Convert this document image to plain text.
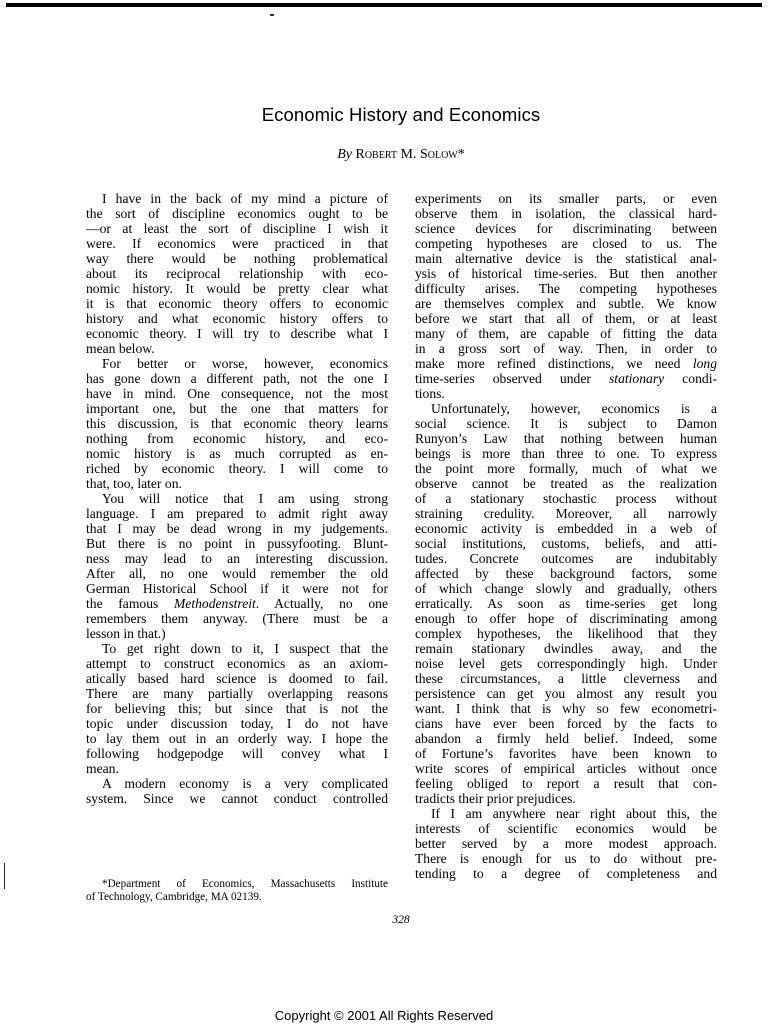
Economic History and Economics
By Robert M. Solow*
I have in the back of my mind a picture of
the sort of discipline economics ought to be
—or at least the sort of discipline I wish it
were. If economics were practiced in that
way there would be nothing problematical
about its reciprocal relationship with eco-
nomic history. It would be pretty clear what
it is that economic theory offers to economic
history and what economic history offers to
economic theory. I will try to describe what I
mean below.
For better or worse, however, economics
has gone down a different path, not the one I
have in mind. One consequence, not the most
important one, but the one that matters for
this discussion, is that economic theory learns
nothing from economic history, and eco-
nomic history is as much corrupted as en-
riched by economic theory. I will come to
that, too, later on.
You will notice that I am using strong
language. I am prepared to admit right away
that I may be dead wrong in my judgements.
But there is no point in pussyfooting. Blunt-
ness may lead to an interesting discussion.
After all, no one would remember the old
German Historical School if it were not for
the famous Methodenstreit. Actually, no one
remembers them anyway. (There must be a
lesson in that.)
To get right down to it, I suspect that the
attempt to construct economics as an axiom-
atically based hard science is doomed to fail.
There are many partially overlapping reasons
for believing this; but since that is not the
topic under discussion today, I do not have
to lay them out in an orderly way. I hope the
following hodgepodge will convey what I
mean.
A modern economy is a very complicated
system. Since we cannot conduct controlled
experiments on its smaller parts, or even
observe them in isolation, the classical hard-
science devices for discriminating between
competing hypotheses are closed to us. The
main alternative device is the statistical anal-
ysis of historical time-series. But then another
difficulty arises. The competing hypotheses
are themselves complex and subtle. We know
before we start that all of them, or at least
many of them, are capable of fitting the data
in a gross sort of way. Then, in order to
make more refined distinctions, we need long
time-series observed under stationary condi-
tions.
Unfortunately, however, economics is a
social science. It is subject to Damon
Runyon’s Law that nothing between human
beings is more than three to one. To express
the point more formally, much of what we
observe cannot be treated as the realization
of a stationary stochastic process without
straining credulity. Moreover, all narrowly
economic activity is embedded in a web of
social institutions, customs, beliefs, and atti-
tudes. Concrete outcomes are indubitably
affected by these background factors, some
of which change slowly and gradually, others
erratically. As soon as time-series get long
enough to offer hope of discriminating among
complex hypotheses, the likelihood that they
remain stationary dwindles away, and the
noise level gets correspondingly high. Under
these circumstances, a little cleverness and
persistence can get you almost any result you
want. I think that is why so few econometri-
cians have ever been forced by the facts to
abandon a firmly held belief. Indeed, some
of Fortune’s favorites have been known to
write scores of empirical articles without once
feeling obliged to report a result that con-
tradicts their prior prejudices.
If I am anywhere near right about this, the
interests of scientific economics would be
better served by a more modest approach.
There is enough for us to do without pre-
tending to a degree of completeness and
*Department of Economics, Massachusetts Institute
of Technology, Cambridge, MA 02139.
328
Copyright © 2001 All Rights Reserved
